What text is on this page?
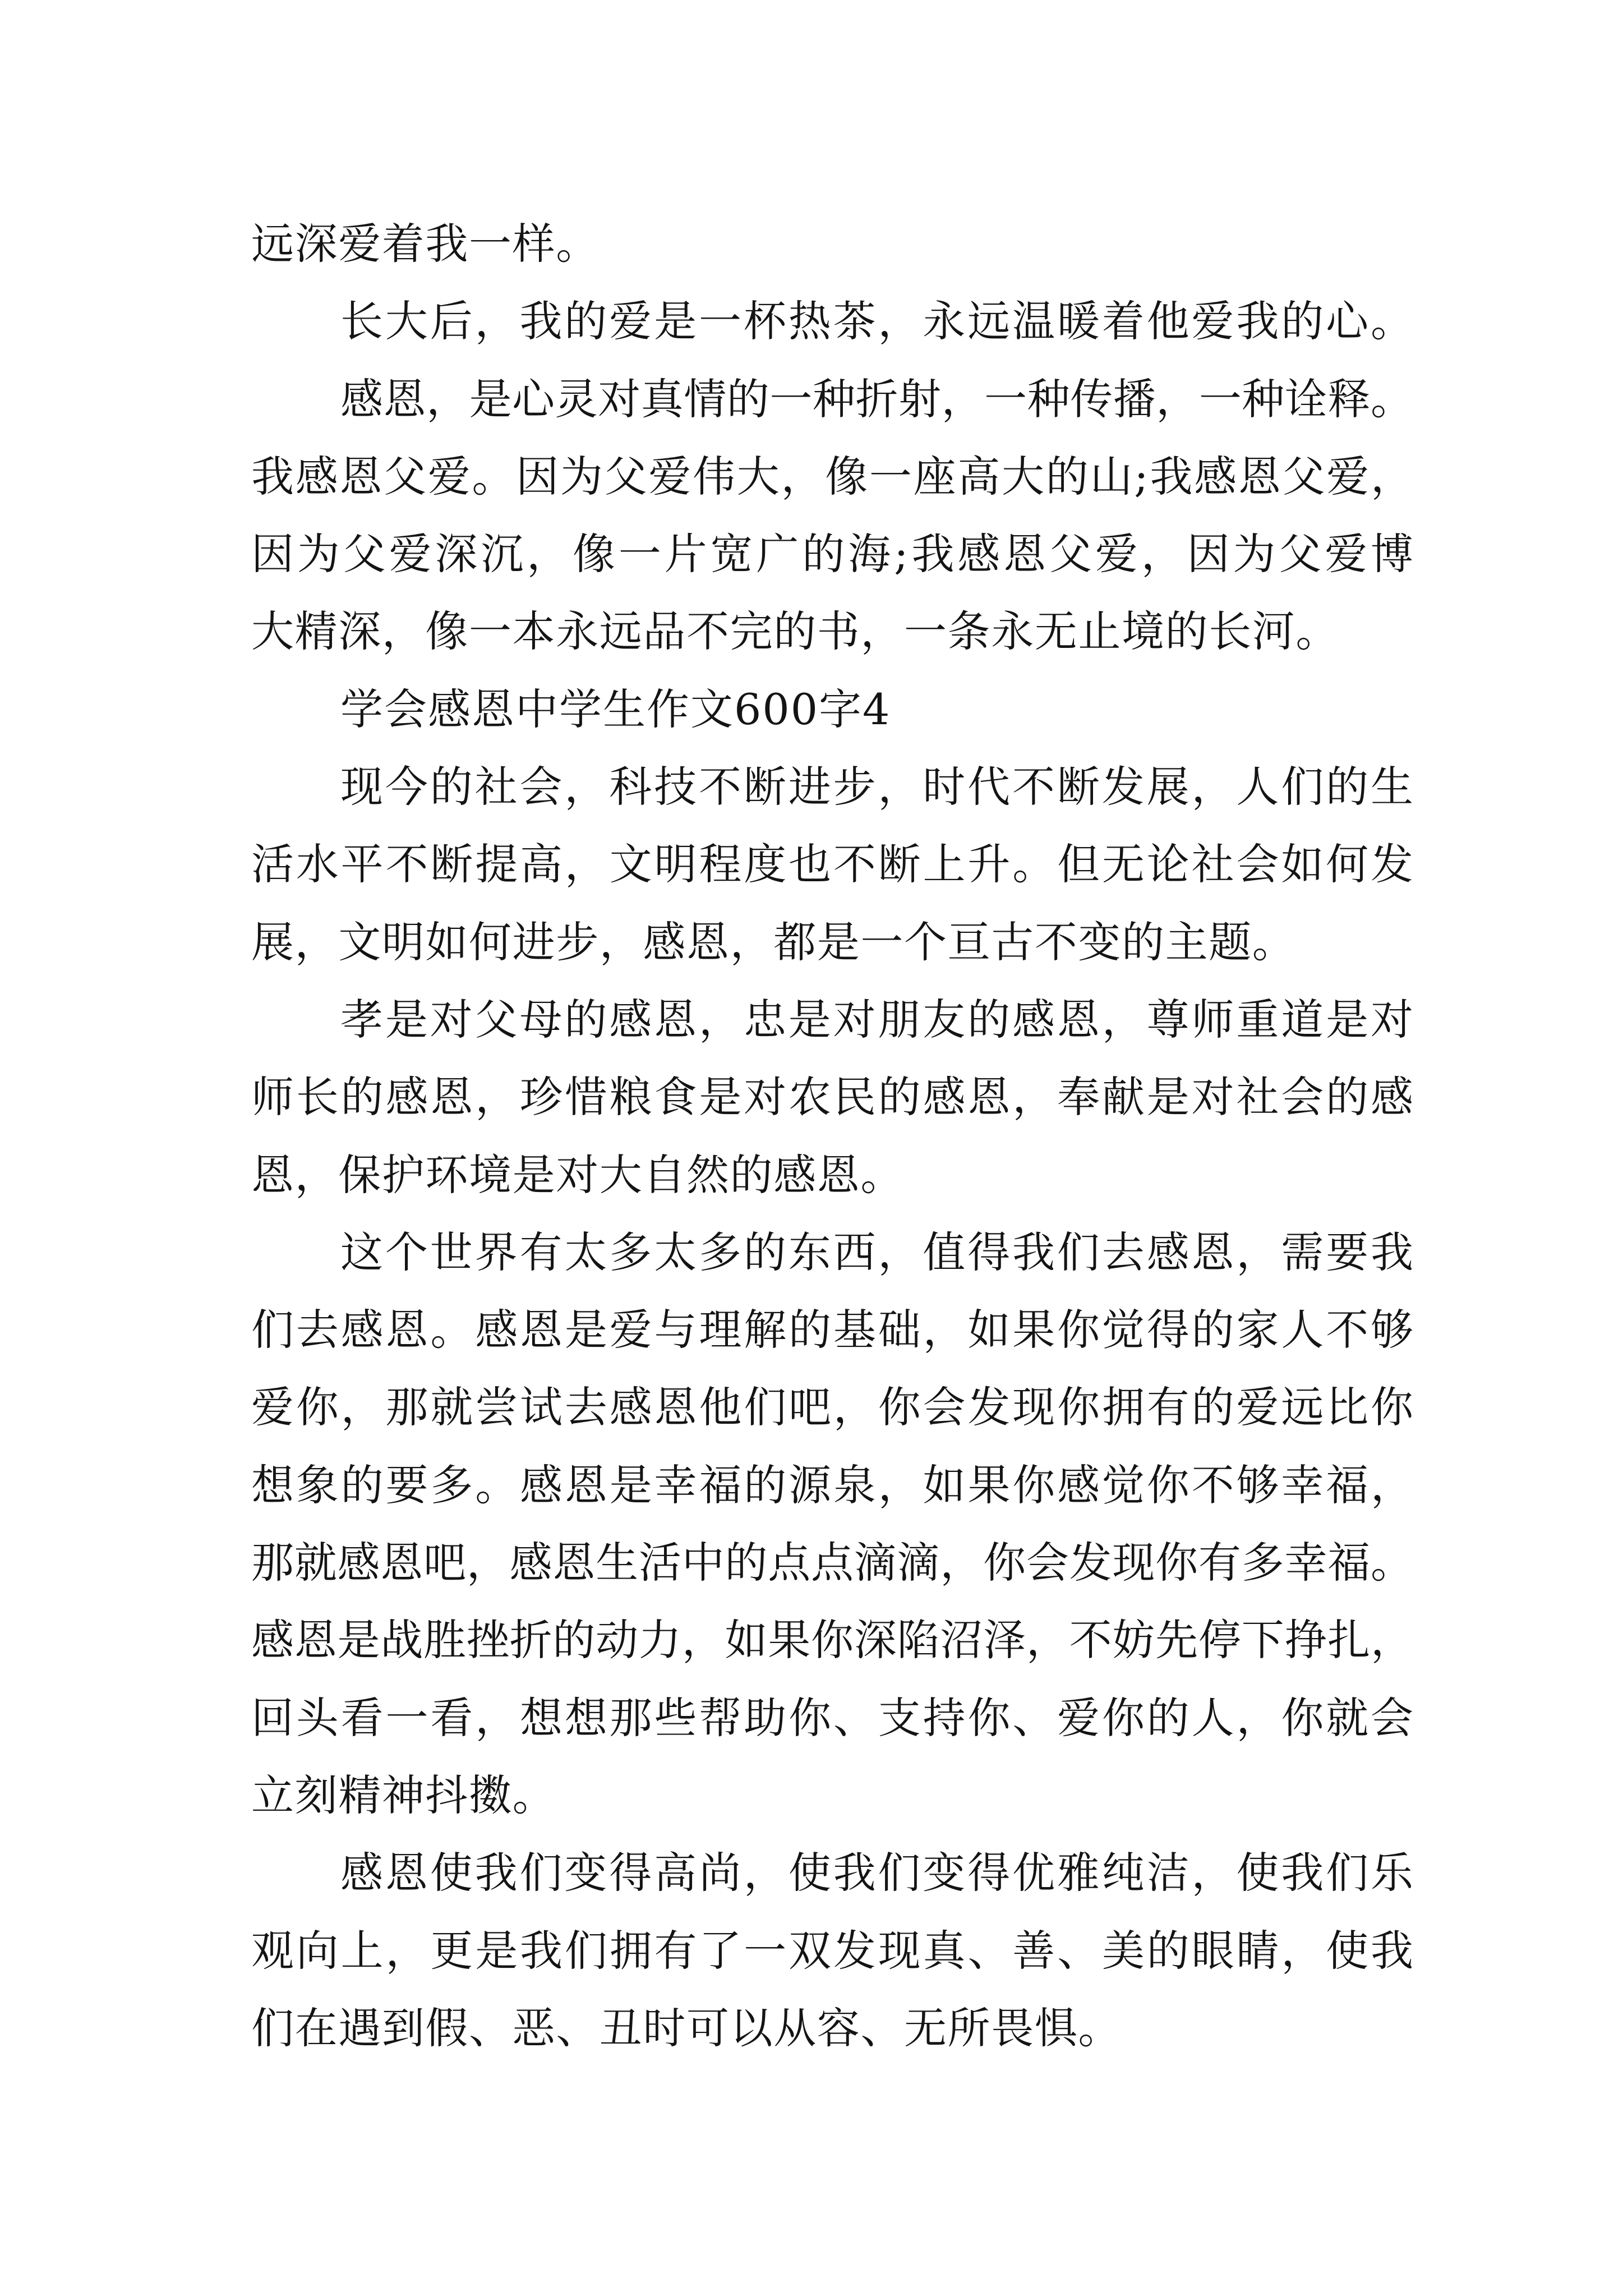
远深爱着我一样。
长大后，我的爱是一杯热茶，永远温暖着他爱我的心。
感恩，是心灵对真情的一种折射，一种传播，一种诠释。
我感恩父爱。因为父爱伟大，像一座高大的山;我感恩父爱，
因为父爱深沉，像一片宽广的海;我感恩父爱，因为父爱博
大精深，像一本永远品不完的书，一条永无止境的长河。
学会感恩中学生作文600字4
现今的社会，科技不断进步，时代不断发展，人们的生
活水平不断提高，文明程度也不断上升。但无论社会如何发
展，文明如何进步，感恩，都是一个亘古不变的主题。
孝是对父母的感恩，忠是对朋友的感恩，尊师重道是对
师长的感恩，珍惜粮食是对农民的感恩，奉献是对社会的感
恩，保护环境是对大自然的感恩。
这个世界有太多太多的东西，值得我们去感恩，需要我
们去感恩。感恩是爱与理解的基础，如果你觉得的家人不够
爱你，那就尝试去感恩他们吧，你会发现你拥有的爱远比你
想象的要多。感恩是幸福的源泉，如果你感觉你不够幸福，
那就感恩吧，感恩生活中的点点滴滴，你会发现你有多幸福。
感恩是战胜挫折的动力，如果你深陷沼泽，不妨先停下挣扎，
回头看一看，想想那些帮助你、支持你、爱你的人，你就会
立刻精神抖擞。
感恩使我们变得高尚，使我们变得优雅纯洁，使我们乐
观向上，更是我们拥有了一双发现真、善、美的眼睛，使我
们在遇到假、恶、丑时可以从容、无所畏惧。
